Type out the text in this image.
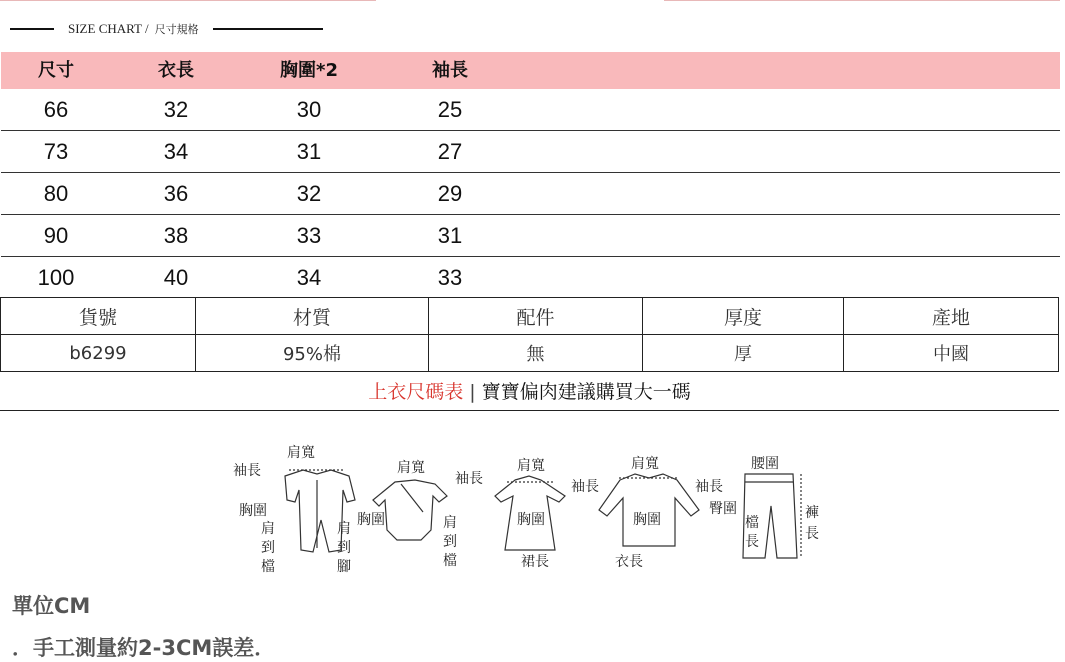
SIZE CHART / 尺寸規格
尺寸	衣長	胸圍*2	袖長
66	32	30	25
73	34	31	27
80	36	32	29
90	38	33	31
100	40	34	33
貨號	材質	配件	厚度	產地
b6299	95%棉	無	厚	中國
上衣尺碼表 | 寶寶偏肉建議購買大一碼
肩寬
袖長
胸圍
肩
到
檔
肩
到
腳
肩寬
袖長
胸圍	肩
到
檔
肩寬
袖長
胸圍
裙長
肩寬
袖長
胸圍
衣長
腰圍
臀圍
檔
長
褲
長
單位CM
．手工測量約2-3CM誤差．
